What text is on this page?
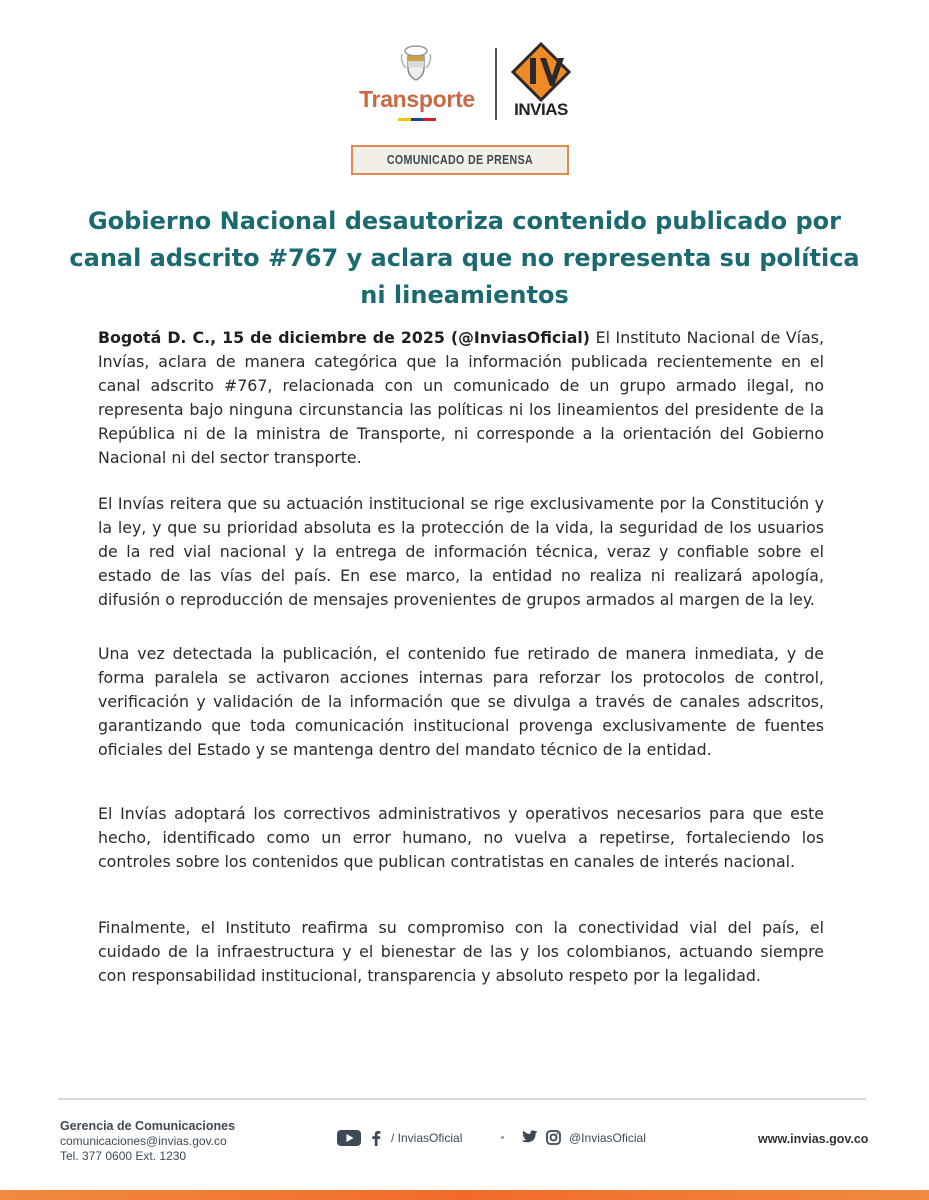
Transporte	INVIAS
COMUNICADO DE PRENSA
Gobierno Nacional desautoriza contenido publicado por canal adscrito #767 y aclara que no representa su política ni lineamientos

Bogotá D. C., 15 de diciembre de 2025 (@InviasOficial) El Instituto Nacional de Vías, Invías, aclara de manera categórica que la información publicada recientemente en el canal adscrito #767, relacionada con un comunicado de un grupo armado ilegal, no representa bajo ninguna circunstancia las políticas ni los lineamientos del presidente de la República ni de la ministra de Transporte, ni corresponde a la orientación del Gobierno Nacional ni del sector transporte.

El Invías reitera que su actuación institucional se rige exclusivamente por la Constitución y la ley, y que su prioridad absoluta es la protección de la vida, la seguridad de los usuarios de la red vial nacional y la entrega de información técnica, veraz y confiable sobre el estado de las vías del país. En ese marco, la entidad no realiza ni realizará apología, difusión o reproducción de mensajes provenientes de grupos armados al margen de la ley.

Una vez detectada la publicación, el contenido fue retirado de manera inmediata, y de forma paralela se activaron acciones internas para reforzar los protocolos de control, verificación y validación de la información que se divulga a través de canales adscritos, garantizando que toda comunicación institucional provenga exclusivamente de fuentes oficiales del Estado y se mantenga dentro del mandato técnico de la entidad.

El Invías adoptará los correctivos administrativos y operativos necesarios para que este hecho, identificado como un error humano, no vuelva a repetirse, fortaleciendo los controles sobre los contenidos que publican contratistas en canales de interés nacional.

Finalmente, el Instituto reafirma su compromiso con la conectividad vial del país, el cuidado de la infraestructura y el bienestar de las y los colombianos, actuando siempre con responsabilidad institucional, transparencia y absoluto respeto por la legalidad.

Gerencia de Comunicaciones
comunicaciones@invias.gov.co
Tel. 377 0600 Ext. 1230
/ InviasOficial	@InviasOficial	www.invias.gov.co
